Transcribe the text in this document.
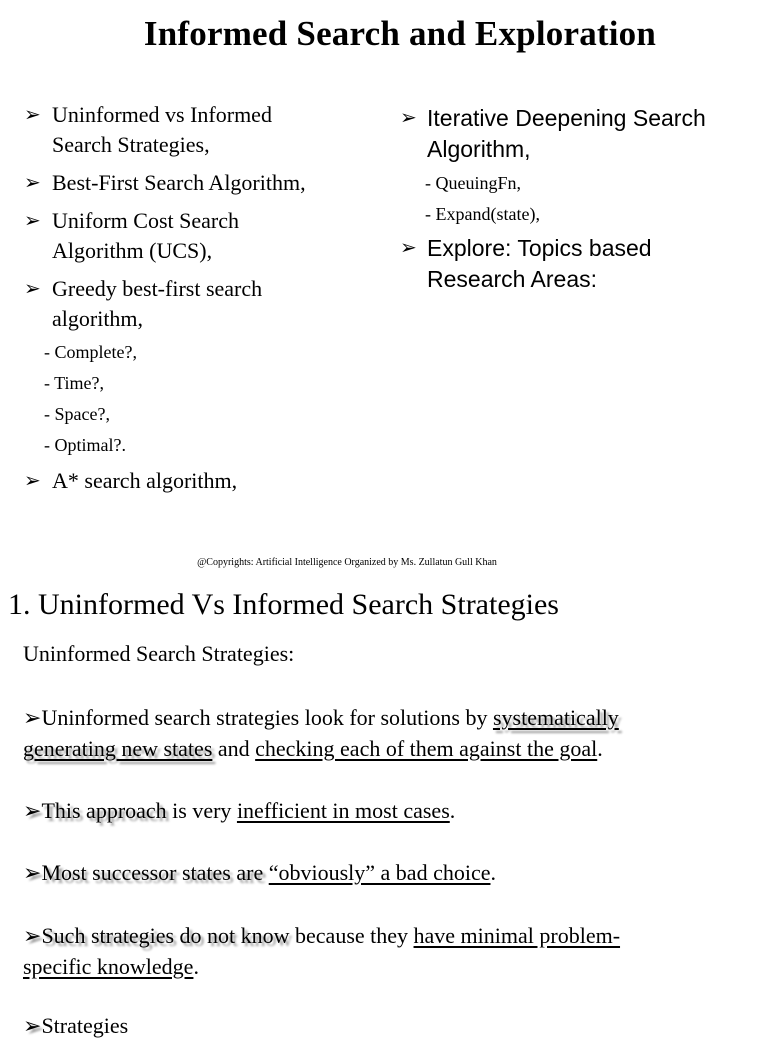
Informed Search and Exploration
➢ Uninformed vs Informed
Search Strategies,
➢ Best-First Search Algorithm,
➢ Uniform Cost Search
Algorithm (UCS),
➢ Greedy best-first search
algorithm,
- Complete?,
- Time?,
- Space?,
- Optimal?.
➢ A* search algorithm,
➢ Iterative Deepening Search
Algorithm,
- QueuingFn,
- Expand(state),
➢ Explore: Topics based
Research Areas:
@Copyrights: Artificial Intelligence Organized by Ms. Zullatun Gull Khan
1. Uninformed Vs Informed Search Strategies
Uninformed Search Strategies:
➢Uninformed search strategies look for solutions by systematically
generating new states and checking each of them against the goal.
➢This approach is very inefficient in most cases.
➢Most successor states are “obviously” a bad choice.
➢Such strategies do not know because they have minimal problem-
specific knowledge.
➢Strategies
